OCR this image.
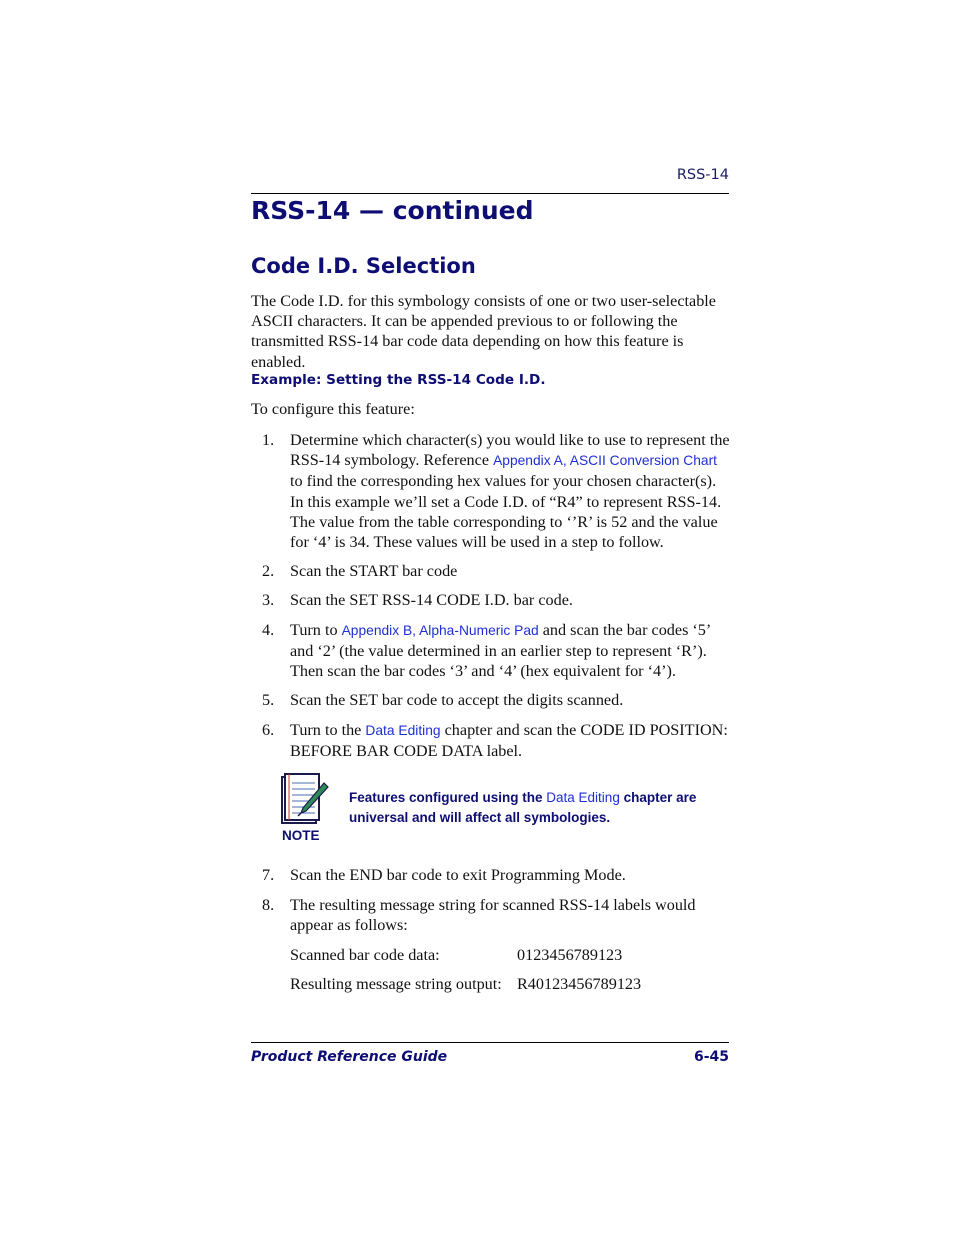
RSS-14
RSS-14 — continued
Code I.D. Selection

The Code I.D. for this symbology consists of one or two user-selectable ASCII characters. It can be appended previous to or following the transmitted RSS-14 bar code data depending on how this feature is enabled.

Example: Setting the RSS-14 Code I.D.

To configure this feature:

1. Determine which character(s) you would like to use to represent the RSS-14 symbology. Reference Appendix A, ASCII Conversion Chart to find the corresponding hex values for your chosen character(s). In this example we’ll set a Code I.D. of “R4” to represent RSS-14. The value from the table corresponding to ‘’R’ is 52 and the value for ‘4’ is 34. These values will be used in a step to follow.

2. Scan the START bar code

3. Scan the SET RSS-14 CODE I.D. bar code.

4. Turn to Appendix B, Alpha-Numeric Pad and scan the bar codes ‘5’ and ‘2’ (the value determined in an earlier step to represent ‘R’). Then scan the bar codes ‘3’ and ‘4’ (hex equivalent for ‘4’).

5. Scan the SET bar code to accept the digits scanned.

6. Turn to the Data Editing chapter and scan the CODE ID POSITION: BEFORE BAR CODE DATA label.

NOTE

Features configured using the Data Editing chapter are universal and will affect all symbologies.

7. Scan the END bar code to exit Programming Mode.

8. The resulting message string for scanned RSS-14 labels would appear as follows:

Scanned bar code data:	0123456789123
Resulting message string output: R40123456789123
Product Reference Guide	6-45
